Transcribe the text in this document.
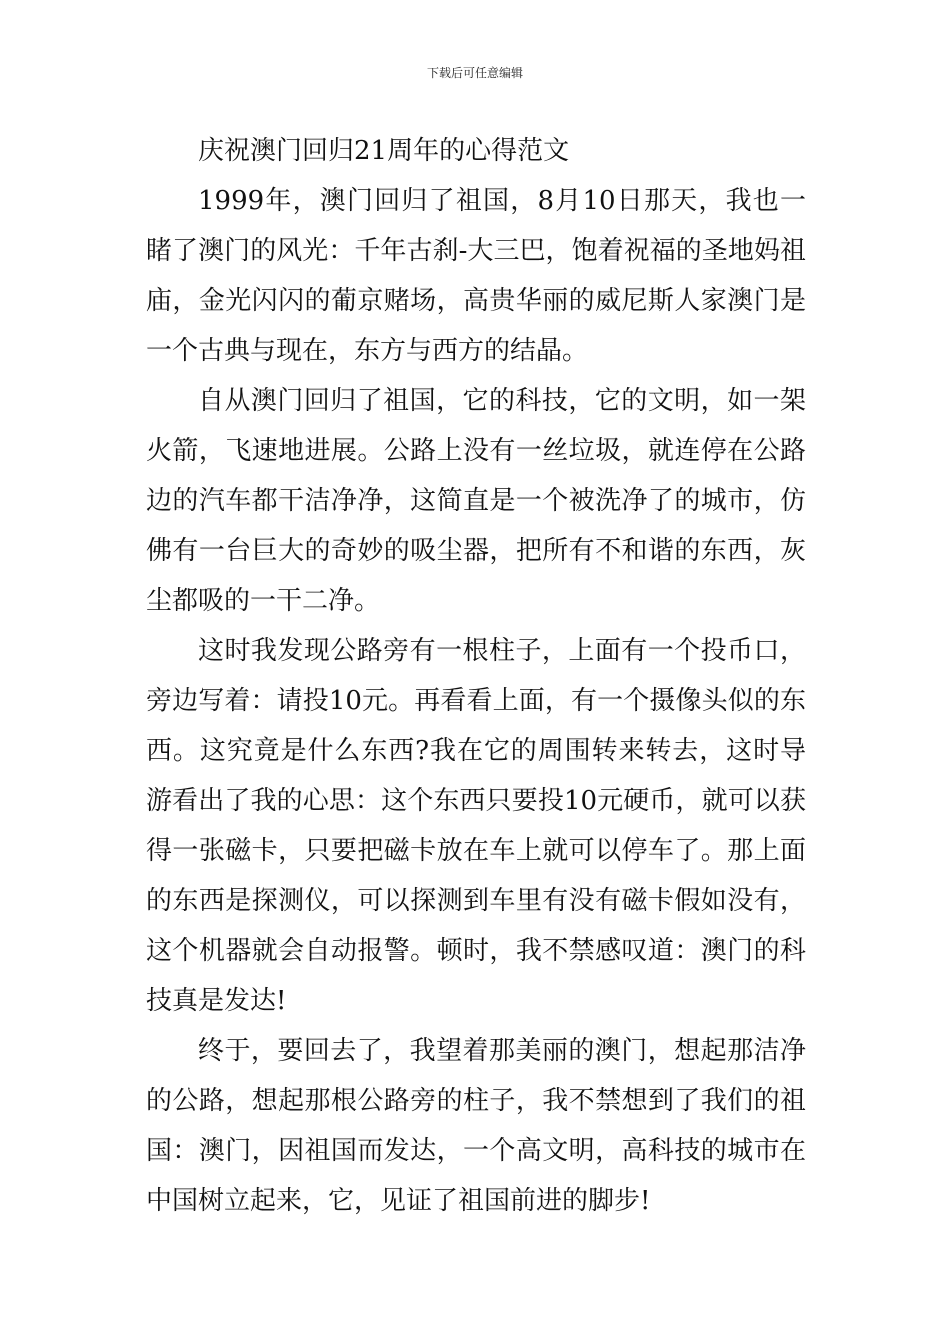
下载后可任意编辑
庆祝澳门回归21周年的心得范文

1999年，澳门回归了祖国，8月10日那天，我也一睹了澳门的风光：千年古刹-大三巴，饱着祝福的圣地妈祖庙，金光闪闪的葡京赌场，高贵华丽的威尼斯人家澳门是一个古典与现在，东方与西方的结晶。

自从澳门回归了祖国，它的科技，它的文明，如一架火箭，飞速地进展。公路上没有一丝垃圾，就连停在公路边的汽车都干洁净净，这简直是一个被洗净了的城市，仿佛有一台巨大的奇妙的吸尘器，把所有不和谐的东西，灰尘都吸的一干二净。

这时我发现公路旁有一根柱子，上面有一个投币口，旁边写着：请投10元。再看看上面，有一个摄像头似的东西。这究竟是什么东西?我在它的周围转来转去，这时导游看出了我的心思：这个东西只要投10元硬币，就可以获得一张磁卡，只要把磁卡放在车上就可以停车了。那上面的东西是探测仪，可以探测到车里有没有磁卡假如没有，这个机器就会自动报警。顿时，我不禁感叹道：澳门的科技真是发达!

终于，要回去了，我望着那美丽的澳门，想起那洁净的公路，想起那根公路旁的柱子，我不禁想到了我们的祖国：澳门，因祖国而发达，一个高文明，高科技的城市在中国树立起来，它，见证了祖国前进的脚步!
